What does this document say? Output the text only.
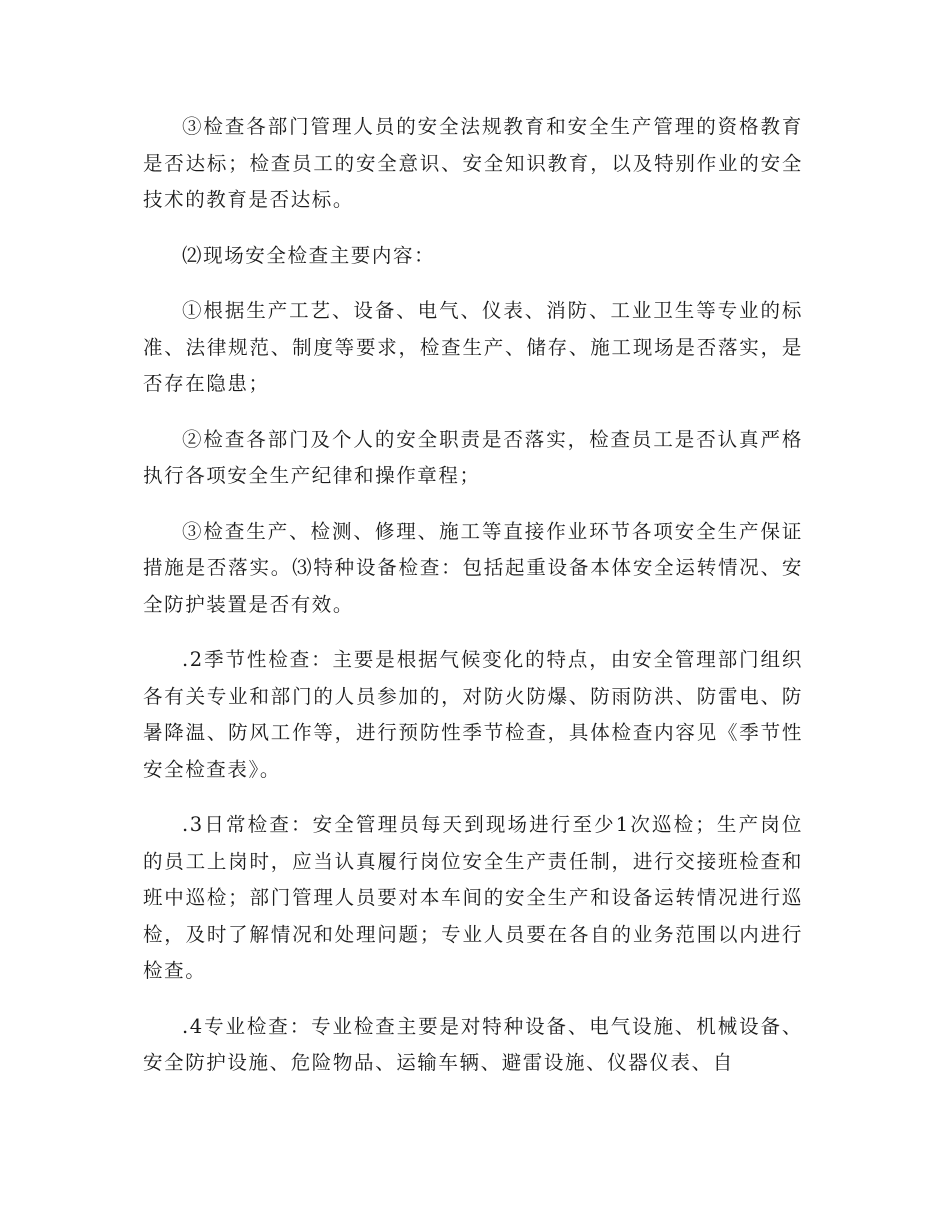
③检查各部门管理人员的安全法规教育和安全生产管理的资格教育是否达标；检查员工的安全意识、安全知识教育，以及特别作业的安全技术的教育是否达标。

⑵现场安全检查主要内容：

①根据生产工艺、设备、电气、仪表、消防、工业卫生等专业的标准、法律规范、制度等要求，检查生产、储存、施工现场是否落实，是否存在隐患；

②检查各部门及个人的安全职责是否落实，检查员工是否认真严格执行各项安全生产纪律和操作章程；

③检查生产、检测、修理、施工等直接作业环节各项安全生产保证措施是否落实。⑶特种设备检查：包括起重设备本体安全运转情况、安全防护装置是否有效。

.2季节性检查：主要是根据气候变化的特点，由安全管理部门组织各有关专业和部门的人员参加的，对防火防爆、防雨防洪、防雷电、防暑降温、防风工作等，进行预防性季节检查，具体检查内容见《季节性安全检查表》。

.3日常检查：安全管理员每天到现场进行至少1次巡检；生产岗位的员工上岗时，应当认真履行岗位安全生产责任制，进行交接班检查和班中巡检；部门管理人员要对本车间的安全生产和设备运转情况进行巡检，及时了解情况和处理问题；专业人员要在各自的业务范围以内进行检查。

.4专业检查：专业检查主要是对特种设备、电气设施、机械设备、安全防护设施、危险物品、运输车辆、避雷设施、仪器仪表、自
